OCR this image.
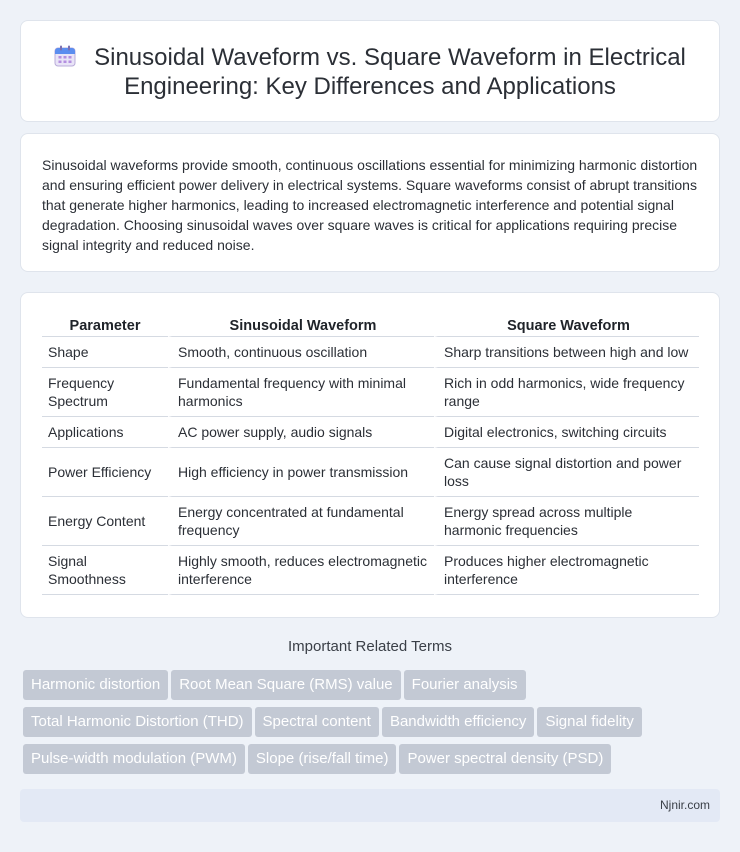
Sinusoidal Waveform vs. Square Waveform in Electrical
Engineering: Key Differences and Applications

Sinusoidal waveforms provide smooth, continuous oscillations essential for minimizing harmonic distortion and ensuring efficient power delivery in electrical systems. Square waveforms consist of abrupt transitions that generate higher harmonics, leading to increased electromagnetic interference and potential signal degradation. Choosing sinusoidal waves over square waves is critical for applications requiring precise signal integrity and reduced noise.

Parameter	Sinusoidal Waveform	Square Waveform
Shape	Smooth, continuous oscillation	Sharp transitions between high and low
Frequency Spectrum	Fundamental frequency with minimal harmonics	Rich in odd harmonics, wide frequency range
Applications	AC power supply, audio signals	Digital electronics, switching circuits
Power Efficiency	High efficiency in power transmission	Can cause signal distortion and power loss
Energy Content	Energy concentrated at fundamental frequency	Energy spread across multiple harmonic frequencies
Signal Smoothness	Highly smooth, reduces electromagnetic interference	Produces higher electromagnetic interference
Important Related Terms
Harmonic distortion Root Mean Square (RMS) value Fourier analysis
Total Harmonic Distortion (THD) Spectral content Bandwidth efficiency Signal fidelity
Pulse-width modulation (PWM) Slope (rise/fall time) Power spectral density (PSD)
Njnir.com
